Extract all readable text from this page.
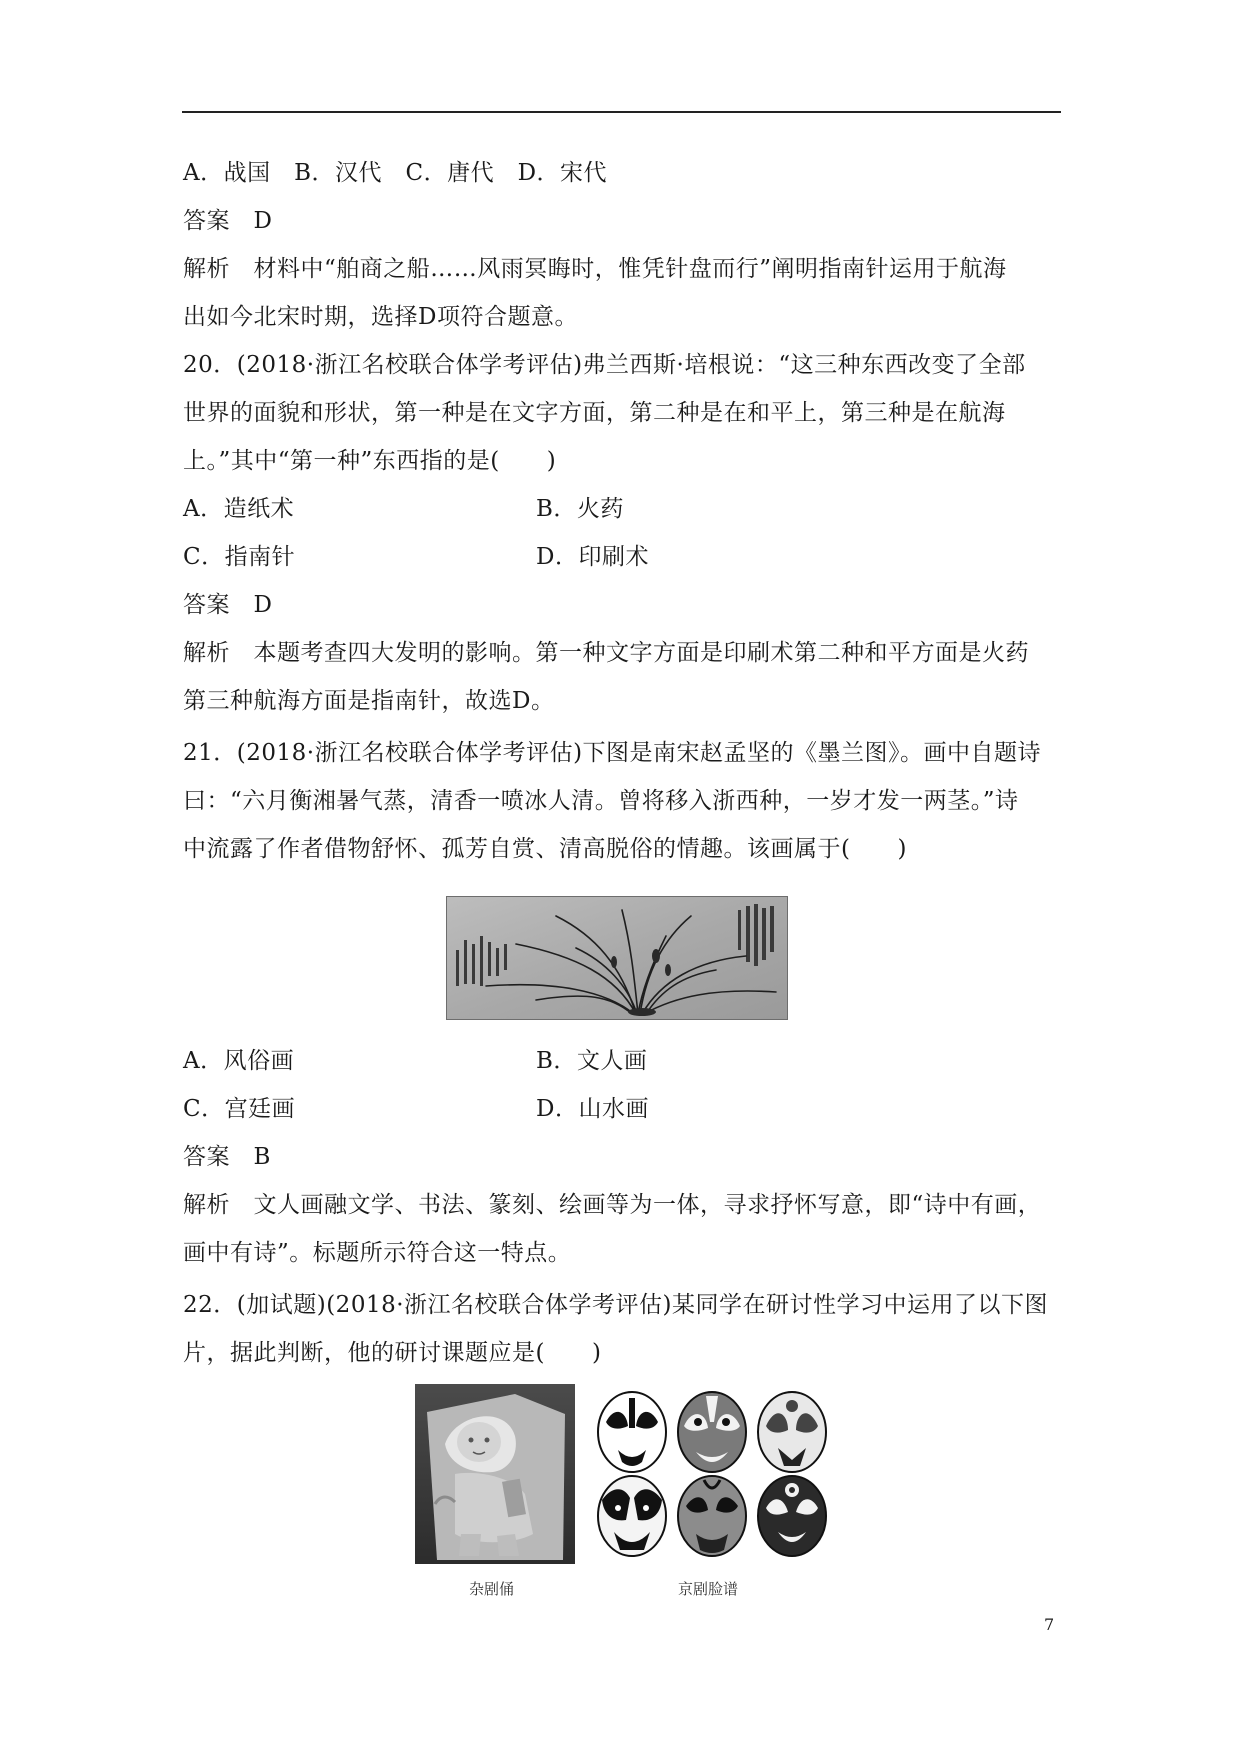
A．战国　B．汉代　C．唐代　D．宋代
答案　D
解析　材料中“舶商之船……风雨冥晦时，惟凭针盘而行”阐明指南针运用于航海
出如今北宋时期，选择D项符合题意。
20．(2018·浙江名校联合体学考评估)弗兰西斯·培根说：“这三种东西改变了全部
世界的面貌和形状，第一种是在文字方面，第二种是在和平上，第三种是在航海
上。”其中“第一种”东西指的是(　　)
A．造纸术	B．火药
C．指南针	D．印刷术
答案　D
解析　本题考查四大发明的影响。第一种文字方面是印刷术第二种和平方面是火药
第三种航海方面是指南针，故选D。
21．(2018·浙江名校联合体学考评估)下图是南宋赵孟坚的《墨兰图》。画中自题诗
曰：“六月衡湘暑气蒸，清香一喷冰人清。曾将移入浙西种，一岁才发一两茎。”诗
中流露了作者借物舒怀、孤芳自赏、清高脱俗的情趣。该画属于(　　)
A．风俗画	B．文人画
C．宫廷画	D．山水画
答案　B
解析　文人画融文学、书法、篆刻、绘画等为一体，寻求抒怀写意，即“诗中有画，
画中有诗”。标题所示符合这一特点。
22．(加试题)(2018·浙江名校联合体学考评估)某同学在研讨性学习中运用了以下图
片，据此判断，他的研讨课题应是(　　)
杂剧俑	京剧脸谱
7
